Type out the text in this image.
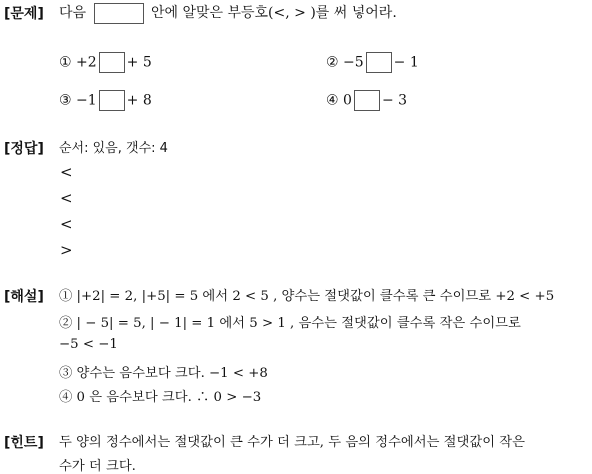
[문제] 다음	안에 알맞은 부등호(<, > )를 써 넣어라.
① +2 + 5	② −5 − 1
③ −1 + 8	④ 0 − 3
[정답] 순서: 있음, 갯수: 4
<
<
<
>
[해설] ① |+2| = 2, |+5| = 5 에서 2 < 5 , 양수는 절댓값이 클수록 큰 수이므로 +2 < +5
② | − 5| = 5, | − 1| = 1 에서 5 > 1 , 음수는 절댓값이 클수록 작은 수이므로
−5 < −1
③ 양수는 음수보다 크다. −1 < +8
④ 0 은 음수보다 크다. ∴ 0 > −3
[힌트] 두 양의 정수에서는 절댓값이 큰 수가 더 크고, 두 음의 정수에서는 절댓값이 작은
수가 더 크다.
